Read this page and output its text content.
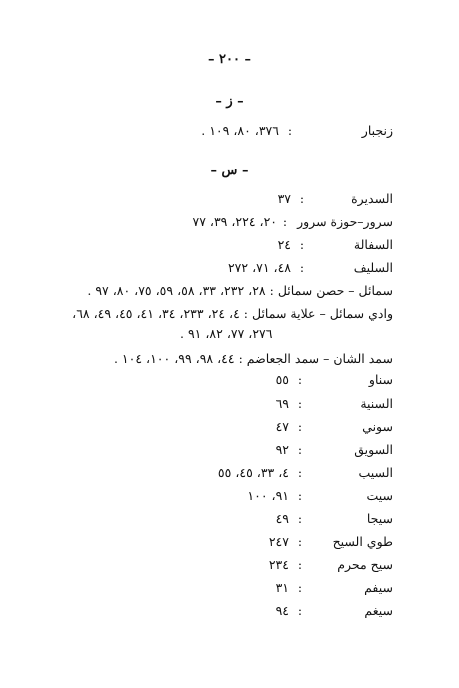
– ٢٠٠ –
– ز –
زنجبار:٣٧٦، ٨٠، ١٠٩ .
– س –
السديرة:٣٧
سرور–حوزة سرور:٢٠، ٢٢٤، ٣٩، ٧٧
السفالة:٢٤
السليف:٤٨، ٧١، ٢٧٢
سمائل – حصن سمائل : ٢٨، ٢٣٢، ٣٣، ٥٨، ٥٩، ٧٥، ٨٠، ٩٧ .
وادي سمائل – علاية سمائل : ٤، ٢٤، ٢٣٣، ٣٤، ٤١، ٤٥، ٤٩، ٦٨،
٢٧٦، ٧٧، ٨٢، ٩١ .
سمد الشان – سمد الجعاضم : ٤٤، ٩٨، ٩٩، ١٠٠، ١٠٤ .
سناو:٥٥
السنية:٦٩
سوني:٤٧
السويق:٩٢
السيب:٤، ٣٣، ٤٥، ٥٥
سيت:٩١، ١٠٠
سيجا:٤٩
طوي السيح:٢٤٧
سيح محرم:٢٣٤
سيفم:٣١
سيغم:٩٤
